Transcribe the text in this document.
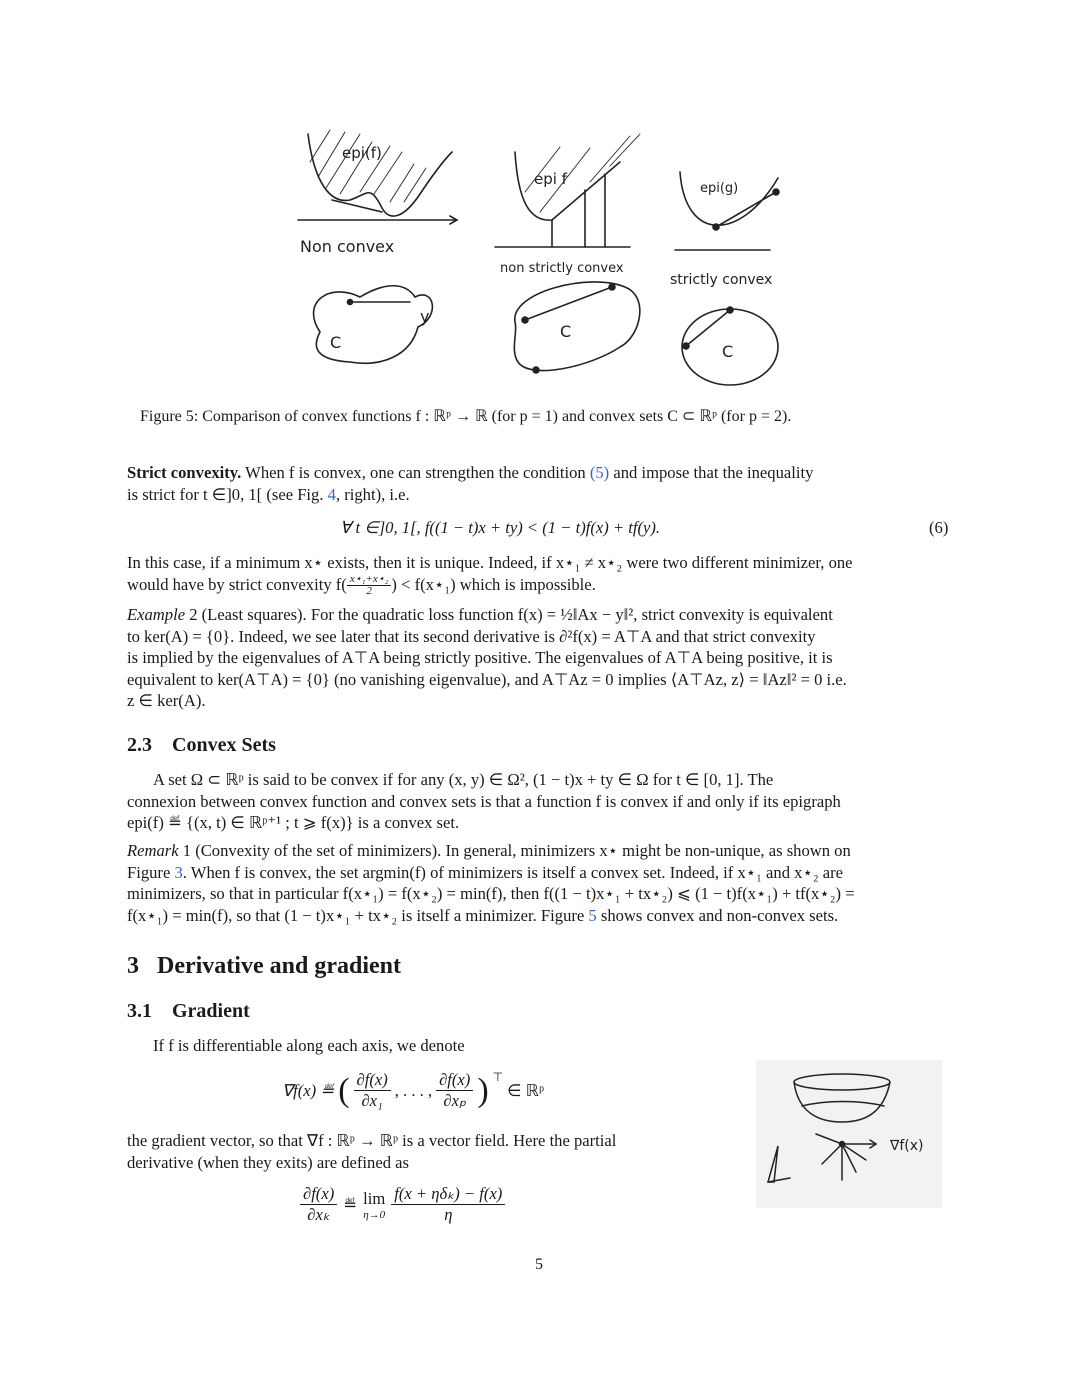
epi(f)
epi f
epi(g)
Non convex
non strictly convex
strictly convex
C
C
C
y
Figure 5: Comparison of convex functions f : ℝᵖ → ℝ (for p = 1) and convex sets C ⊂ ℝᵖ (for p = 2).
Strict convexity. When f is convex, one can strengthen the condition (5) and impose that the inequality
is strict for t ∈]0, 1[ (see Fig. 4, right), i.e.
∀ t ∈]0, 1[, f((1 − t)x + ty) < (1 − t)f(x) + tf(y).	(6)
In this case, if a minimum x⋆ exists, then it is unique. Indeed, if x⋆₁ ≠ x⋆₂ were two different minimizer, one
would have by strict convexity $f( \frac{\text{x⋆₁+x⋆₂}}{2}$ ) < f(x⋆₁) which is impossible.
Example 2 (Least squares). For the quadratic loss function f(x) = ½‖Ax − y‖², strict convexity is equivalent
to ker(A) = {0}. Indeed, we see later that its second derivative is ∂²f(x) = A⊤A and that strict convexity
is implied by the eigenvalues of A⊤A being strictly positive. The eigenvalues of A⊤A being positive, it is
equivalent to ker(A⊤A) = {0} (no vanishing eigenvalue), and A⊤Az = 0 implies ⟨A⊤Az, z⟩ = ‖Az‖² = 0 i.e.
z ∈ ker(A).
2.3 Convex Sets
A set Ω ⊂ ℝᵖ is said to be convex if for any (x, y) ∈ Ω², (1 − t)x + ty ∈ Ω for t ∈ [0, 1]. The
connexion between convex function and convex sets is that a function f is convex if and only if its epigraph
epi(f) ≝ {(x, t) ∈ ℝᵖ⁺¹ ; t ⩾ f(x)} is a convex set.
Remark 1 (Convexity of the set of minimizers). In general, minimizers x⋆ might be non-unique, as shown on
Figure 3. When f is convex, the set argmin(f) of minimizers is itself a convex set. Indeed, if x⋆₁ and x⋆₂ are
minimizers, so that in particular f(x⋆₁) = f(x⋆₂) = min(f), then f((1 − t)x⋆₁ + tx⋆₂) ⩽ (1 − t)f(x⋆₁) + tf(x⋆₂) =
f(x⋆₁) = min(f), so that (1 − t)x⋆₁ + tx⋆₂ is itself a minimizer. Figure 5 shows convex and non-convex sets.
3 Derivative and gradient
3.1 Gradient
If f is differentiable along each axis, we denote
∇f(x) ≝ ( $\frac{\partial f(x)}{\text{∂x₁}}$ , . . . , $\frac{\partial f(x)}{\text{∂xₚ}}$ ) ⊤
∈ ℝᵖ
the gradient vector, so that ∇f : ℝᵖ → ℝᵖ is a vector field. Here the partial
derivative (when they exits) are defined as
$\frac{\partial f(x)}{\text{∂xₖ}}$ ≝ lim
$\eta\to 0 \frac{\text{f(x + ηδₖ) − f(x)}}{\eta}$
∇f(x)
5
